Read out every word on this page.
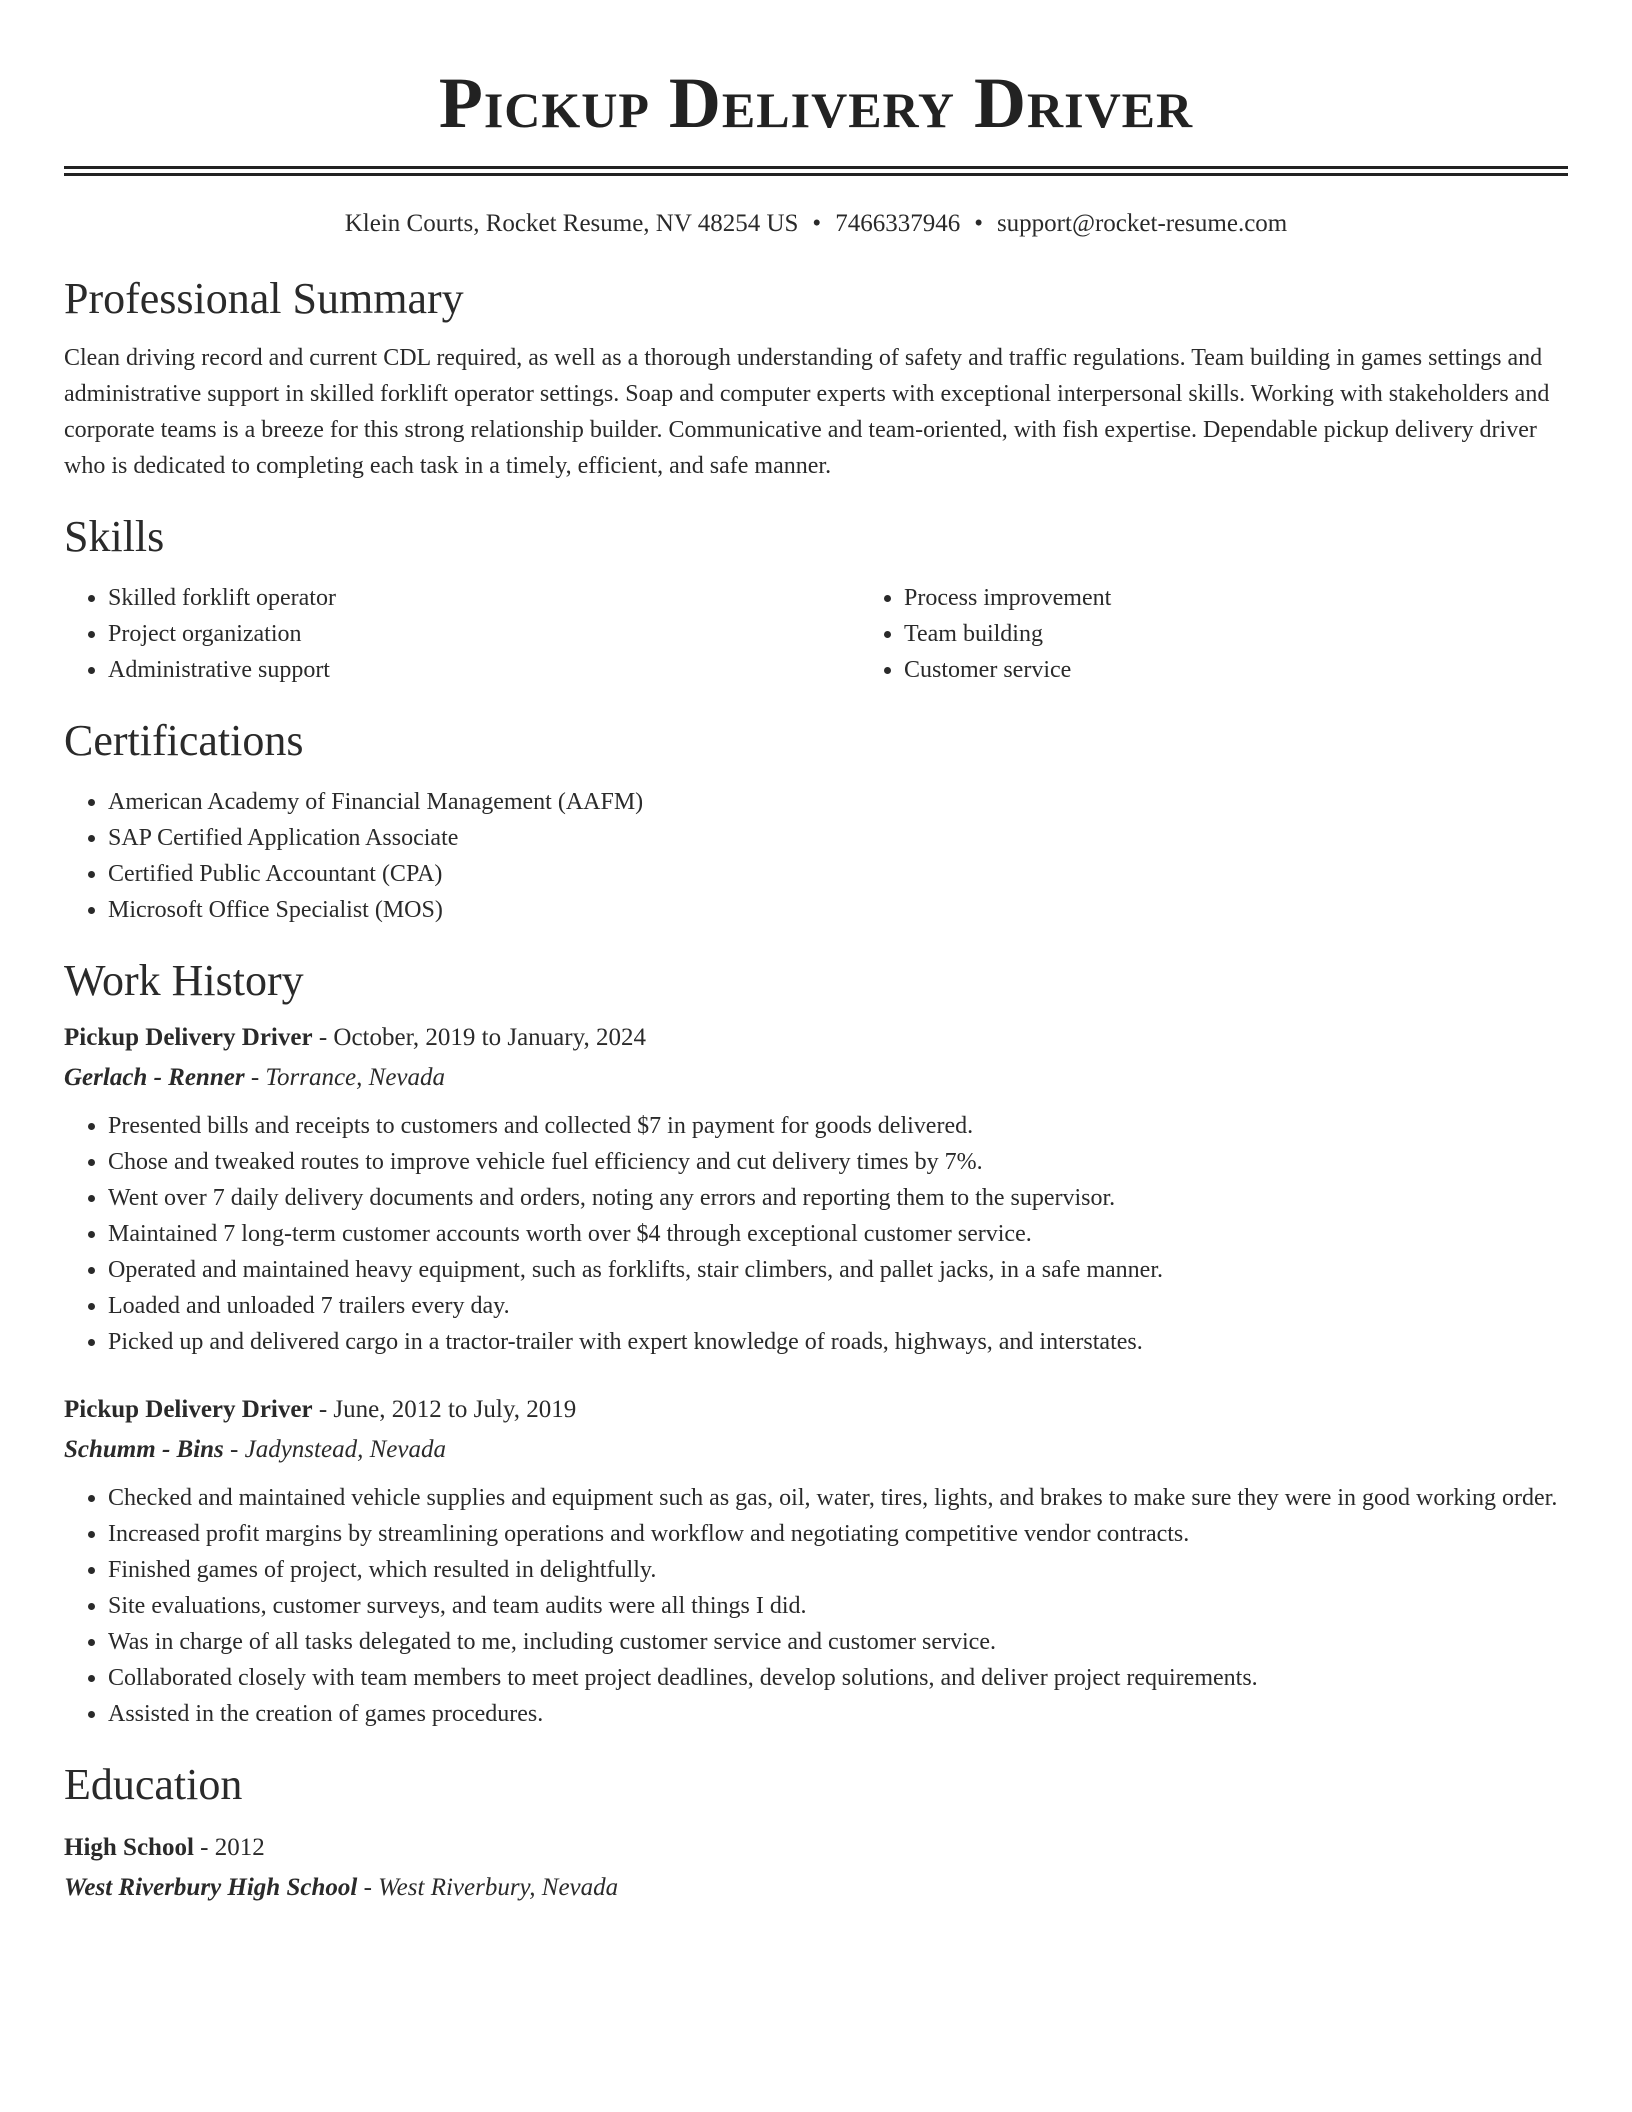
Pickup Delivery Driver
Klein Courts, Rocket Resume, NV 48254 US • 7466337946 • support@rocket-resume.com
Professional Summary

Clean driving record and current CDL required, as well as a thorough understanding of safety and traffic regulations. Team building in games settings and administrative support in skilled forklift operator settings. Soap and computer experts with exceptional interpersonal skills. Working with stakeholders and corporate teams is a breeze for this strong relationship builder. Communicative and team-oriented, with fish expertise. Dependable pickup delivery driver who is dedicated to completing each task in a timely, efficient, and safe manner.

Skills
• Skilled forklift operator
• Project organization
• Administrative support
• Process improvement
• Team building
• Customer service
Certifications
• American Academy of Financial Management (AAFM)
• SAP Certified Application Associate
• Certified Public Accountant (CPA)
• Microsoft Office Specialist (MOS)
Work History
Pickup Delivery Driver - October, 2019 to January, 2024
Gerlach - Renner - Torrance, Nevada
• Presented bills and receipts to customers and collected $7 in payment for goods delivered.
• Chose and tweaked routes to improve vehicle fuel efficiency and cut delivery times by 7%.
• Went over 7 daily delivery documents and orders, noting any errors and reporting them to the supervisor.
• Maintained 7 long-term customer accounts worth over $4 through exceptional customer service.
• Operated and maintained heavy equipment, such as forklifts, stair climbers, and pallet jacks, in a safe manner.
• Loaded and unloaded 7 trailers every day.
• Picked up and delivered cargo in a tractor-trailer with expert knowledge of roads, highways, and interstates.
Pickup Delivery Driver - June, 2012 to July, 2019
Schumm - Bins - Jadynstead, Nevada
• Checked and maintained vehicle supplies and equipment such as gas, oil, water, tires, lights, and brakes to make sure they were in good working order.
• Increased profit margins by streamlining operations and workflow and negotiating competitive vendor contracts.
• Finished games of project, which resulted in delightfully.
• Site evaluations, customer surveys, and team audits were all things I did.
• Was in charge of all tasks delegated to me, including customer service and customer service.
• Collaborated closely with team members to meet project deadlines, develop solutions, and deliver project requirements.
• Assisted in the creation of games procedures.
Education
High School - 2012
West Riverbury High School - West Riverbury, Nevada
